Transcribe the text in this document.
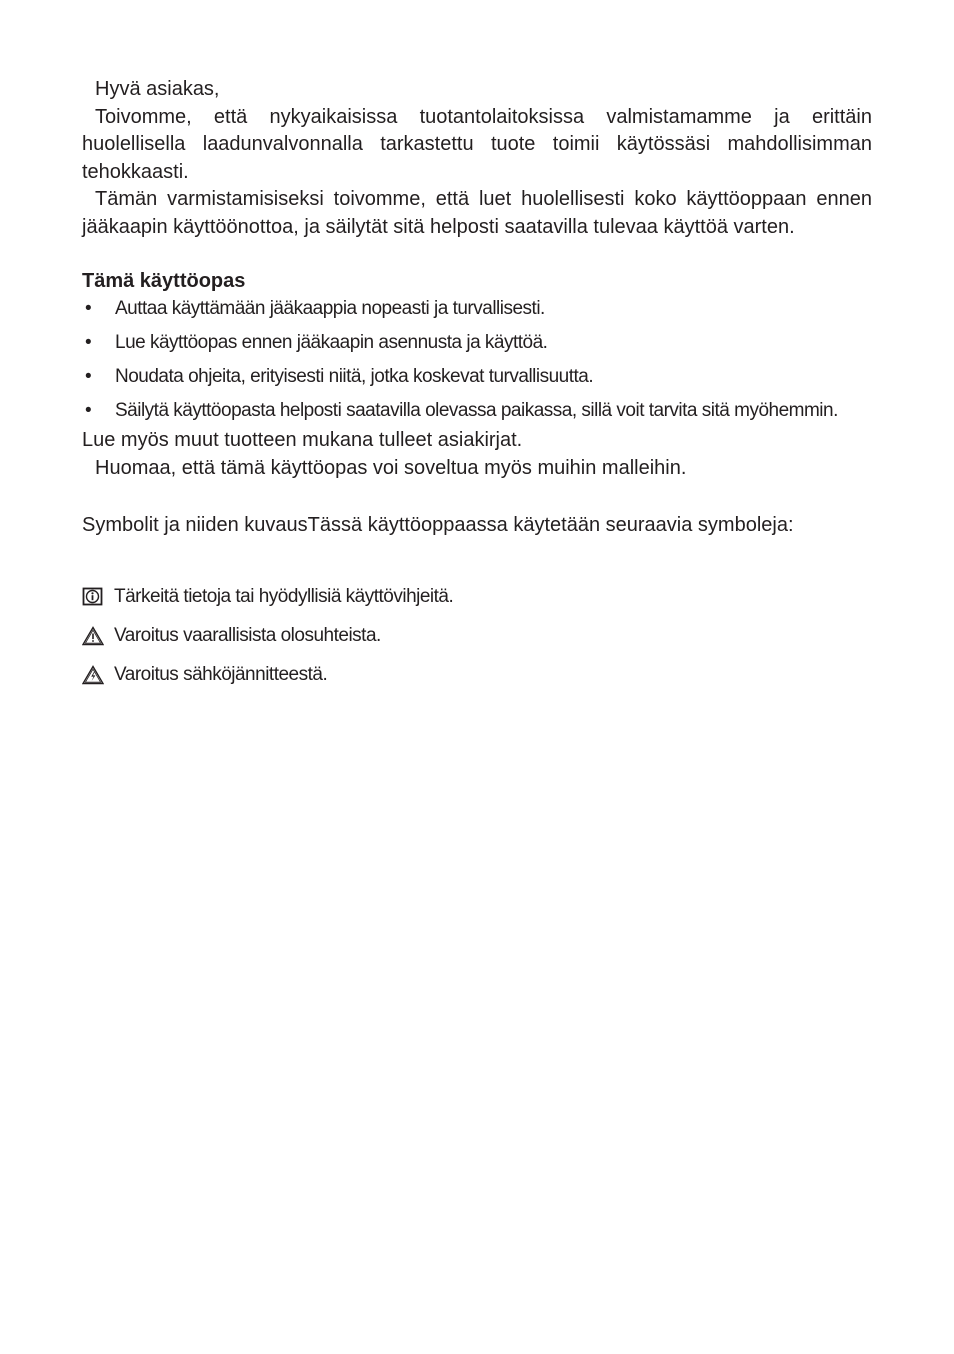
Hyvä asiakas,

Toivomme, että nykyaikaisissa tuotantolaitoksissa valmistamamme ja erittäin huolellisella laadunvalvonnalla tarkastettu tuote toimii käytössäsi mahdollisimman tehokkaasti.

Tämän varmistamisiseksi toivomme, että luet huolellisesti koko käyttöoppaan ennen jääkaapin käyttöönottoa, ja säilytät sitä helposti saatavilla tulevaa käyttöä varten.

Tämä käyttöopas

• Auttaa käyttämään jääkaappia nopeasti ja turvallisesti.
• Lue käyttöopas ennen jääkaapin asennusta ja käyttöä.
• Noudata ohjeita, erityisesti niitä, jotka koskevat turvallisuutta.
• Säilytä käyttöopasta helposti saatavilla olevassa paikassa, sillä voit tarvita sitä myöhemmin.

Lue myös muut tuotteen mukana tulleet asiakirjat.

Huomaa, että tämä käyttöopas voi soveltua myös muihin malleihin.

Symbolit ja niiden kuvausTässä käyttöoppaassa käytetään seuraavia symboleja:

Tärkeitä tietoja tai hyödyllisiä käyttövihjeitä.
Varoitus vaarallisista olosuhteista.
Varoitus sähköjännitteestä.
